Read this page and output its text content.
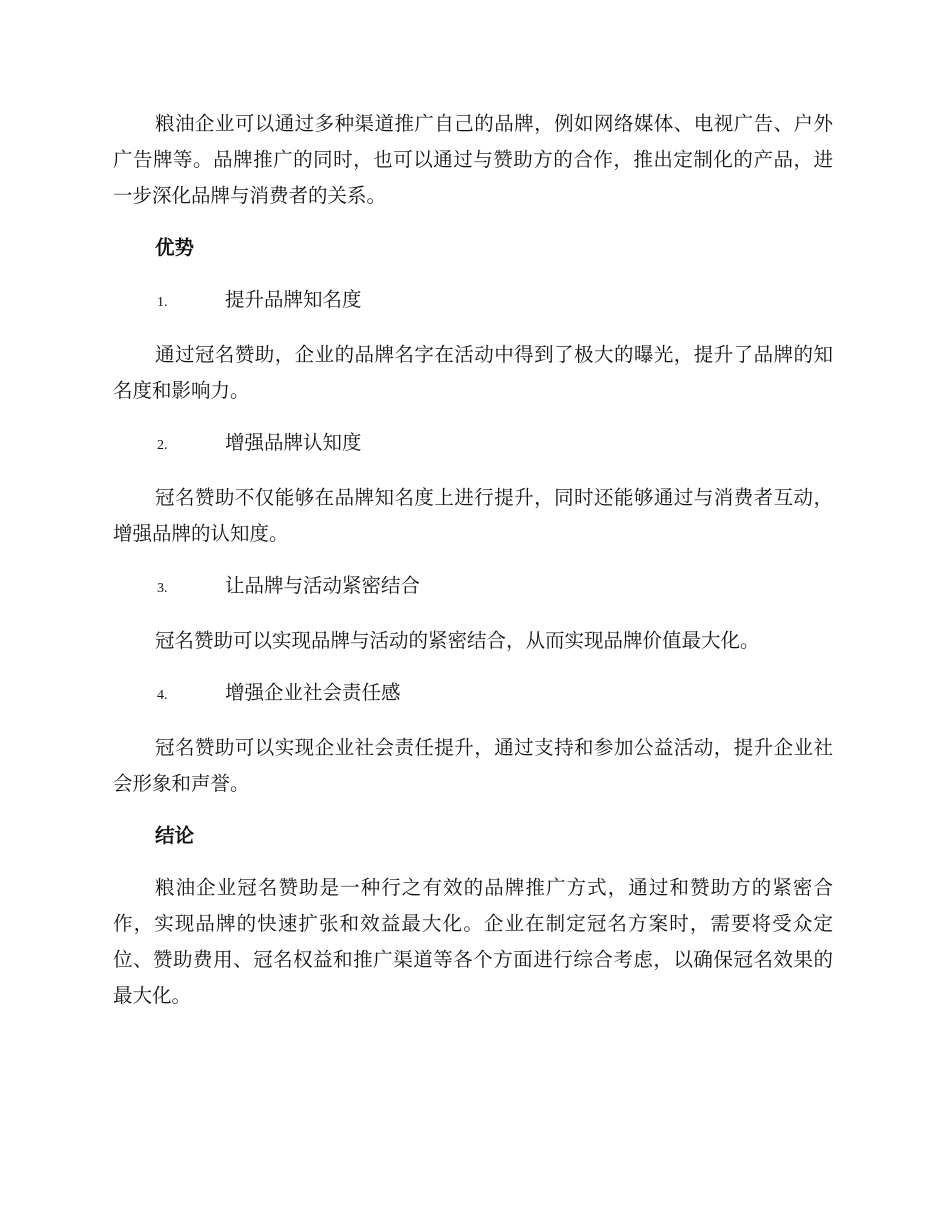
粮油企业可以通过多种渠道推广自己的品牌，例如网络媒体、电视广告、户外广告牌等。品牌推广的同时，也可以通过与赞助方的合作，推出定制化的产品，进一步深化品牌与消费者的关系。

优势
1.	提升品牌知名度

通过冠名赞助，企业的品牌名字在活动中得到了极大的曝光，提升了品牌的知名度和影响力。

2.	增强品牌认知度

冠名赞助不仅能够在品牌知名度上进行提升，同时还能够通过与消费者互动，增强品牌的认知度。

3.	让品牌与活动紧密结合

冠名赞助可以实现品牌与活动的紧密结合，从而实现品牌价值最大化。

4.	增强企业社会责任感

冠名赞助可以实现企业社会责任提升，通过支持和参加公益活动，提升企业社会形象和声誉。

结论

粮油企业冠名赞助是一种行之有效的品牌推广方式，通过和赞助方的紧密合作，实现品牌的快速扩张和效益最大化。企业在制定冠名方案时，需要将受众定位、赞助费用、冠名权益和推广渠道等各个方面进行综合考虑，以确保冠名效果的最大化。
